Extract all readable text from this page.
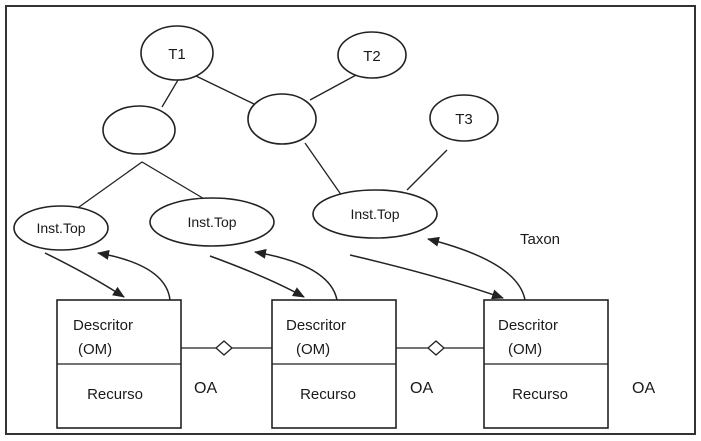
T1	T2
T3
Inst.Top	Inst.Top	Inst.Top
Taxon
Descritor
(OM)
Recurso
Descritor
(OM)
Recurso
Descritor
(OM)
Recurso
OA	OA	OA
